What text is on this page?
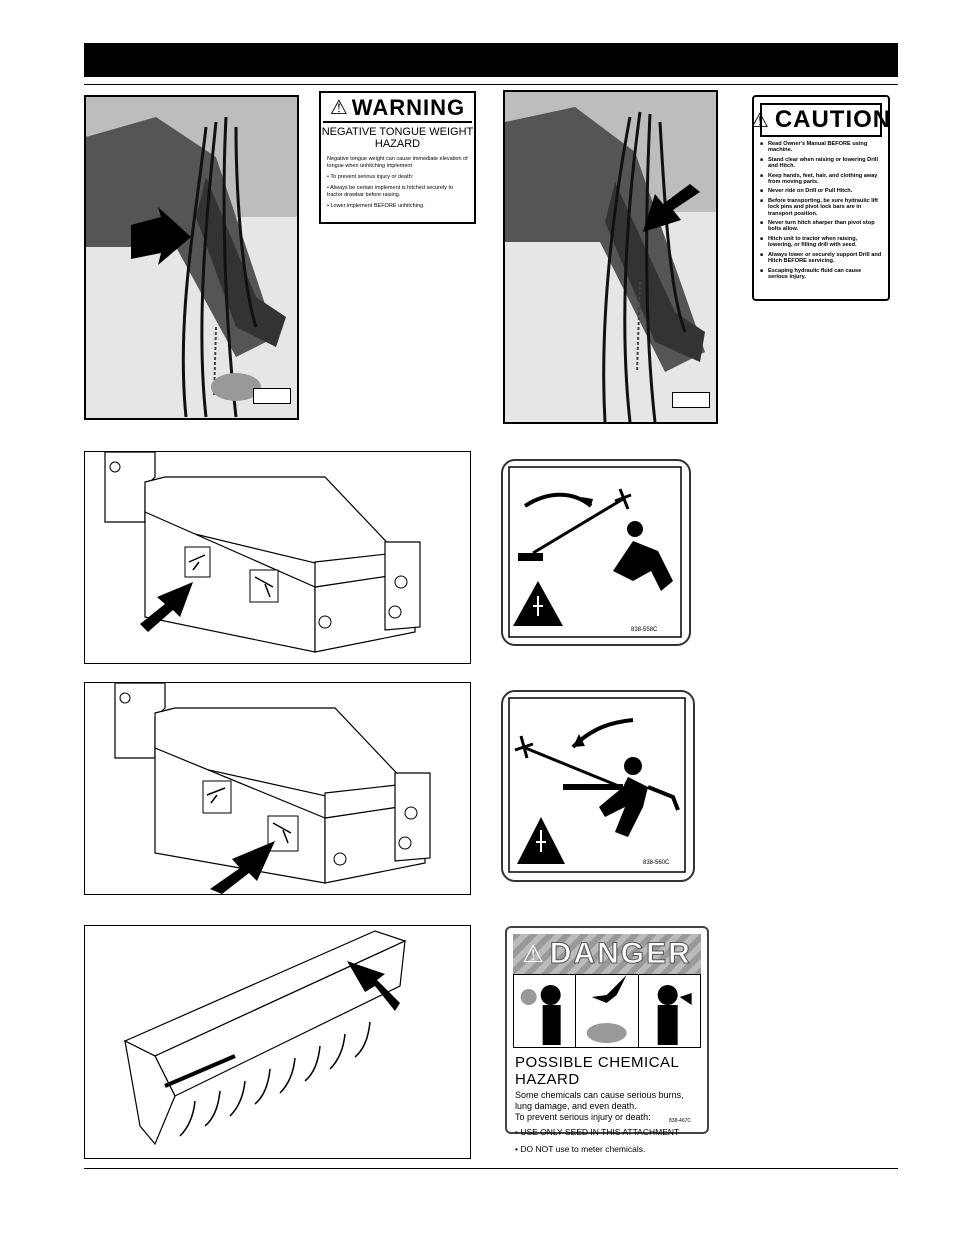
⚠ WARNING
NEGATIVE TONGUE WEIGHT
HAZARD

Negative tongue weight can cause immediate elevation of tongue when unhitching implement

• To prevent serious injury or death:

• Always be certain implement is hitched securely to tractor drawbar before raising.

• Lower implement BEFORE unhitching.

⚠ CAUTION
■ Read Owner's Manual BEFORE using machine.
■ Stand clear when raising or lowering Drill and Hitch.
■ Keep hands, feet, hair, and clothing away from moving parts.
■ Never ride on Drill or Pull Hitch.
■ Before transporting, be sure hydraulic lift lock pins and pivot lock bars are in transport position.
■ Never turn hitch sharper than pivot stop bolts allow.
■ Hitch unit to tractor when raising, lowering, or filling drill with seed.
■ Always lower or securely support Drill and Hitch BEFORE servicing.
■ Escaping hydraulic fluid can cause serious injury.
838-558C
838-560C
⚠ DANGER
POSSIBLE CHEMICAL HAZARD

Some chemicals can cause serious burns,

lung damage, and even death.

To prevent serious injury or death:

• USE ONLY SEED IN THIS ATTACHMENT

• DO NOT use to meter chemicals.

838-467C
